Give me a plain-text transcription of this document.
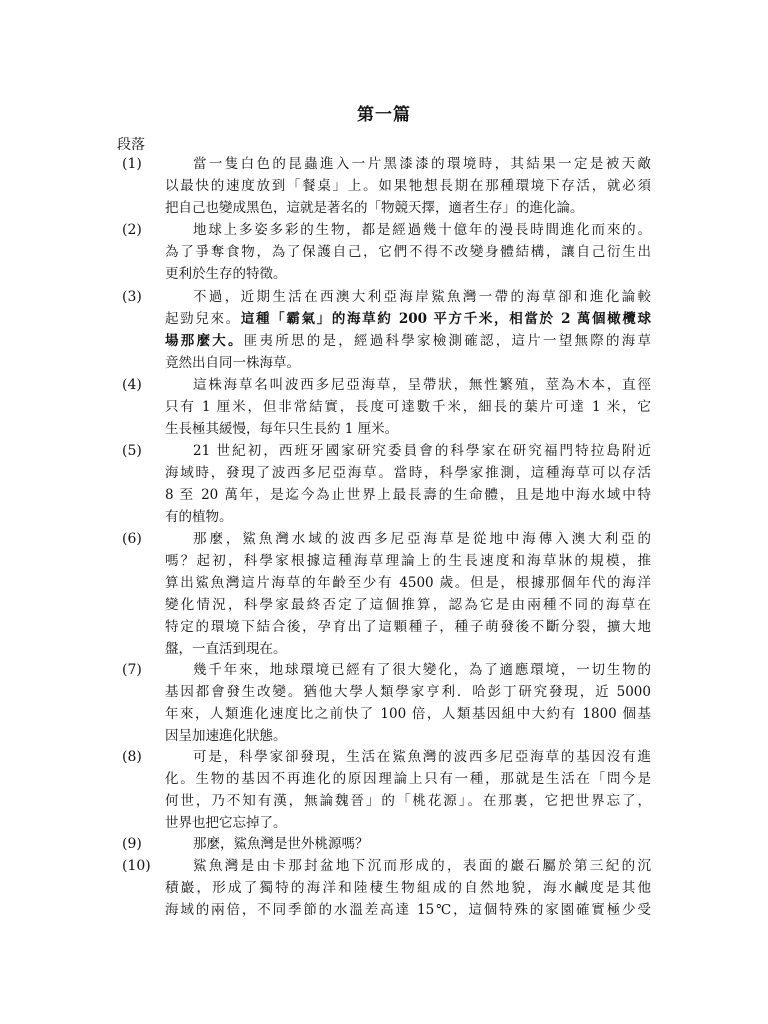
第一篇
段落
(1)	當一隻白色的昆蟲進入一片黑漆漆的環境時，其結果一定是被天敵
以最快的速度放到「餐桌」上。如果牠想長期在那種環境下存活，就必須
把自己也變成黑色，這就是著名的「物競天擇，適者生存」的進化論。
(2)	地球上多姿多彩的生物，都是經過幾十億年的漫長時間進化而來的。
為了爭奪食物，為了保護自己，它們不得不改變身體結構，讓自己衍生出
更利於生存的特徵。
(3)	不過，近期生活在西澳大利亞海岸鯊魚灣一帶的海草卻和進化論較
起勁兒來。這種「霸氣」的海草約 200 平方千米，相當於 2 萬個橄欖球
場那麼大。匪夷所思的是，經過科學家檢測確認，這片一望無際的海草
竟然出自同一株海草。
(4)	這株海草名叫波西多尼亞海草，呈帶狀，無性繁殖，莖為木本，直徑
只有 1 厘米，但非常結實，長度可達數千米，細長的葉片可達 1 米，它
生長極其緩慢，每年只生長約 1 厘米。
(5)	21 世紀初，西班牙國家研究委員會的科學家在研究福門特拉島附近
海域時，發現了波西多尼亞海草。當時，科學家推測，這種海草可以存活
8 至 20 萬年，是迄今為止世界上最長壽的生命體，且是地中海水域中特
有的植物。
(6)	那麼，鯊魚灣水域的波西多尼亞海草是從地中海傳入澳大利亞的
嗎？起初，科學家根據這種海草理論上的生長速度和海草牀的規模，推
算出鯊魚灣這片海草的年齡至少有 4500 歲。但是，根據那個年代的海洋
變化情況，科學家最終否定了這個推算，認為它是由兩種不同的海草在
特定的環境下結合後，孕育出了這顆種子，種子萌發後不斷分裂，擴大地
盤，一直活到現在。
(7)	幾千年來，地球環境已經有了很大變化，為了適應環境，一切生物的
基因都會發生改變。猶他大學人類學家亨利．哈彭丁研究發現，近 5000
年來，人類進化速度比之前快了 100 倍，人類基因組中大約有 1800 個基
因呈加速進化狀態。
(8)	可是，科學家卻發現，生活在鯊魚灣的波西多尼亞海草的基因沒有進
化。生物的基因不再進化的原因理論上只有一種，那就是生活在「問今是
何世，乃不知有漢，無論魏晉」的「桃花源」。在那裏，它把世界忘了，
世界也把它忘掉了。
(9)	那麼，鯊魚灣是世外桃源嗎？
(10)	鯊魚灣是由卡那封盆地下沉而形成的，表面的巖石屬於第三紀的沉
積巖，形成了獨特的海洋和陸棲生物組成的自然地貌，海水鹹度是其他
海域的兩倍，不同季節的水溫差高達 15℃，這個特殊的家園確實極少受
